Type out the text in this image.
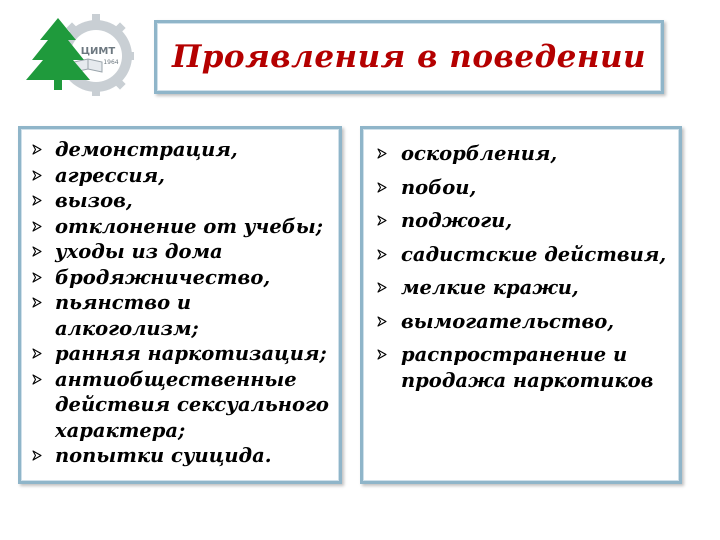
ЦИМТ
1964 Проявления в поведении
демонстрация,
агрессия,
вызов,
отклонение от учебы;
уходы из дома
бродяжничество,
пьянство и алкоголизм;
ранняя наркотизация;
антиобщественные действия сексуального характера;
попытки суицида.
оскорбления,
побои,
поджоги,
садистские действия,
мелкие кражи,
вымогательство,
распространение и продажа наркотиков
